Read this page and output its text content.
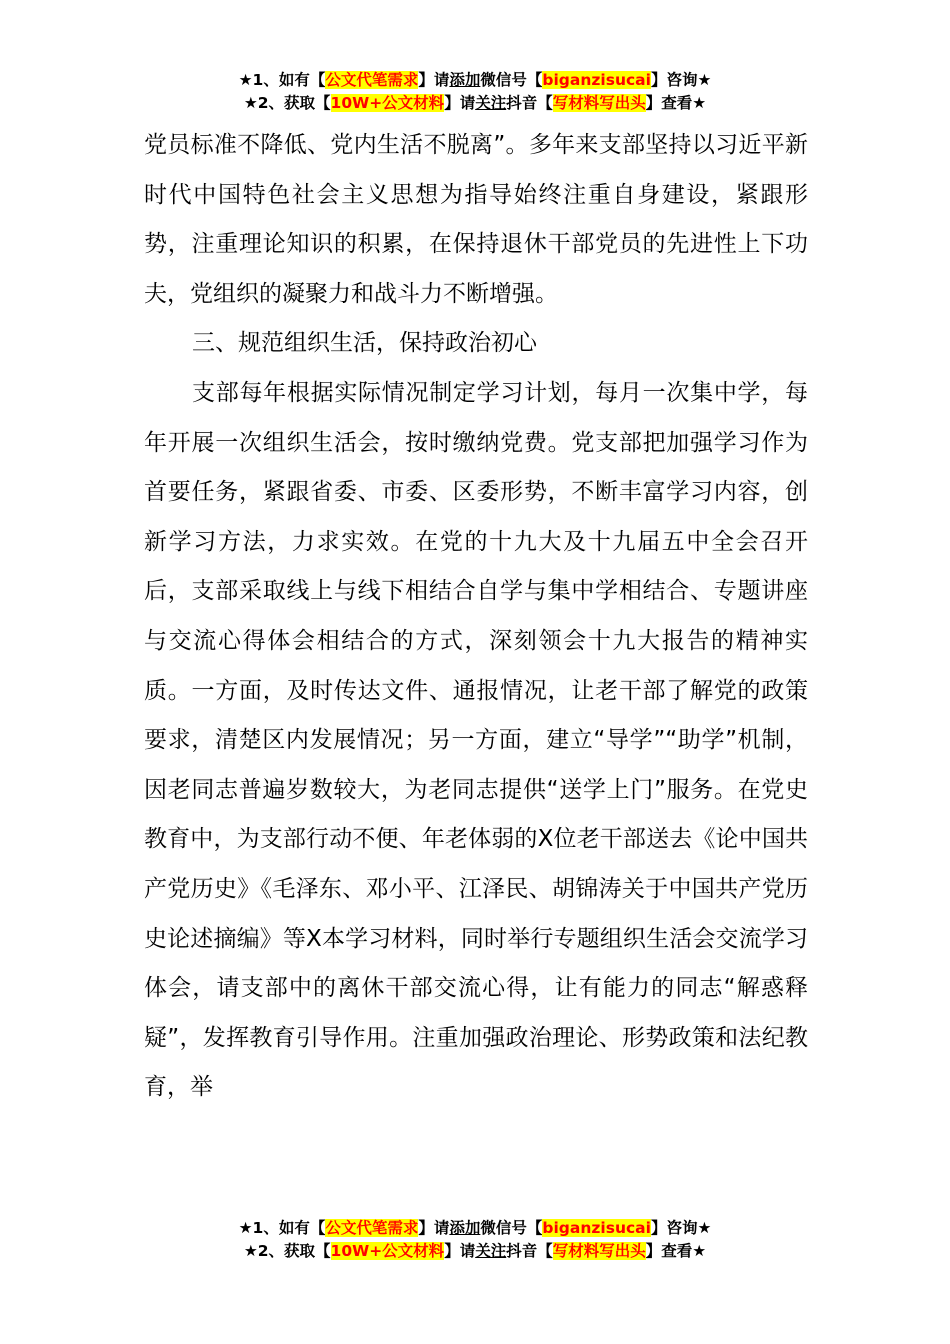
★1、如有【公文代笔需求】请添加微信号【biganzisucai】咨询★
★2、获取【10W+公文材料】请关注抖音【写材料写出头】查看★

党员标准不降低、党内生活不脱离”。多年来支部坚持以习近平新时代中国特色社会主义思想为指导始终注重自身建设，紧跟形势，注重理论知识的积累，在保持退休干部党员的先进性上下功夫，党组织的凝聚力和战斗力不断增强。

三、规范组织生活，保持政治初心

支部每年根据实际情况制定学习计划，每月一次集中学，每年开展一次组织生活会，按时缴纳党费。党支部把加强学习作为首要任务，紧跟省委、市委、区委形势，不断丰富学习内容，创新学习方法，力求实效。在党的十九大及十九届五中全会召开后，支部采取线上与线下相结合自学与集中学相结合、专题讲座与交流心得体会相结合的方式，深刻领会十九大报告的精神实质。一方面，及时传达文件、通报情况，让老干部了解党的政策要求，清楚区内发展情况；另一方面，建立“导学”“助学”机制，因老同志普遍岁数较大，为老同志提供“送学上门”服务。在党史教育中，为支部行动不便、年老体弱的X位老干部送去《论中国共产党历史》《毛泽东、邓小平、江泽民、胡锦涛关于中国共产党历史论述摘编》等X本学习材料，同时举行专题组织生活会交流学习体会，请支部中的离休干部交流心得，让有能力的同志“解惑释疑”，发挥教育引导作用。注重加强政治理论、形势政策和法纪教育，举

★1、如有【公文代笔需求】请添加微信号【biganzisucai】咨询★
★2、获取【10W+公文材料】请关注抖音【写材料写出头】查看★
